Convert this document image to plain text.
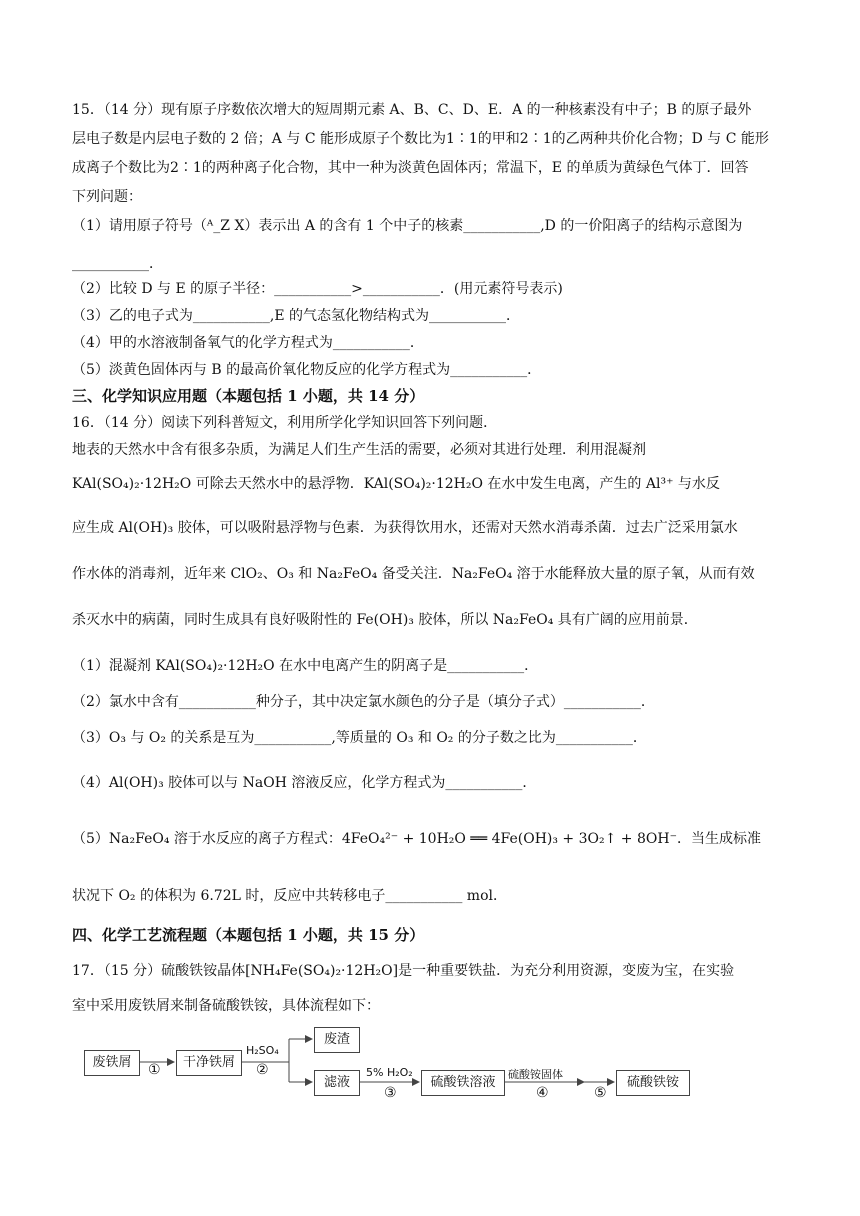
15．（14 分）现有原子序数依次增大的短周期元素 A、B、C、D、E．A 的一种核素没有中子；B 的原子最外
层电子数是内层电子数的 2 倍；A 与 C 能形成原子个数比为1∶1的甲和2∶1的乙两种共价化合物；D 与 C 能形
成离子个数比为2∶1的两种离子化合物，其中一种为淡黄色固体丙；常温下，E 的单质为黄绿色气体丁．回答
下列问题：
（1）请用原子符号（ᴬ_Z X）表示出 A 的含有 1 个中子的核素___________,D 的一价阳离子的结构示意图为
___________．
（2）比较 D 与 E 的原子半径：___________>___________．(用元素符号表示)
（3）乙的电子式为___________,E 的气态氢化物结构式为___________．
（4）甲的水溶液制备氧气的化学方程式为___________．
（5）淡黄色固体丙与 B 的最高价氧化物反应的化学方程式为___________．
三、化学知识应用题（本题包括 1 小题，共 14 分）
16．（14 分）阅读下列科普短文，利用所学化学知识回答下列问题．
地表的天然水中含有很多杂质，为满足人们生产生活的需要，必须对其进行处理．利用混凝剂
KAl(SO₄)₂·12H₂O 可除去天然水中的悬浮物．KAl(SO₄)₂·12H₂O 在水中发生电离，产生的 Al³⁺ 与水反
应生成 Al(OH)₃ 胶体，可以吸附悬浮物与色素．为获得饮用水，还需对天然水消毒杀菌．过去广泛采用氯水
作水体的消毒剂，近年来 ClO₂、O₃ 和 Na₂FeO₄ 备受关注．Na₂FeO₄ 溶于水能释放大量的原子氧，从而有效
杀灭水中的病菌，同时生成具有良好吸附性的 Fe(OH)₃ 胶体，所以 Na₂FeO₄ 具有广阔的应用前景．
（1）混凝剂 KAl(SO₄)₂·12H₂O 在水中电离产生的阴离子是___________．
（2）氯水中含有___________种分子，其中决定氯水颜色的分子是（填分子式）___________．
（3）O₃ 与 O₂ 的关系是互为___________,等质量的 O₃ 和 O₂ 的分子数之比为___________．
（4）Al(OH)₃ 胶体可以与 NaOH 溶液反应，化学方程式为___________．
（5）Na₂FeO₄ 溶于水反应的离子方程式：4FeO₄²⁻ + 10H₂O ══ 4Fe(OH)₃ + 3O₂↑ + 8OH⁻．当生成标准
状况下 O₂ 的体积为 6.72L 时，反应中共转移电子___________ mol．
四、化学工艺流程题（本题包括 1 小题，共 15 分）
17．（15 分）硫酸铁铵晶体[NH₄Fe(SO₄)₂·12H₂O]是一种重要铁盐．为充分利用资源，变废为宝，在实验
室中采用废铁屑来制备硫酸铁铵，具体流程如下：
废铁屑	干净铁屑
废渣
滤液	硫酸铁溶液	硫酸铁铵
①	②
③	④	⑤
H₂SO₄
5% H₂O₂	硫酸铵固体
